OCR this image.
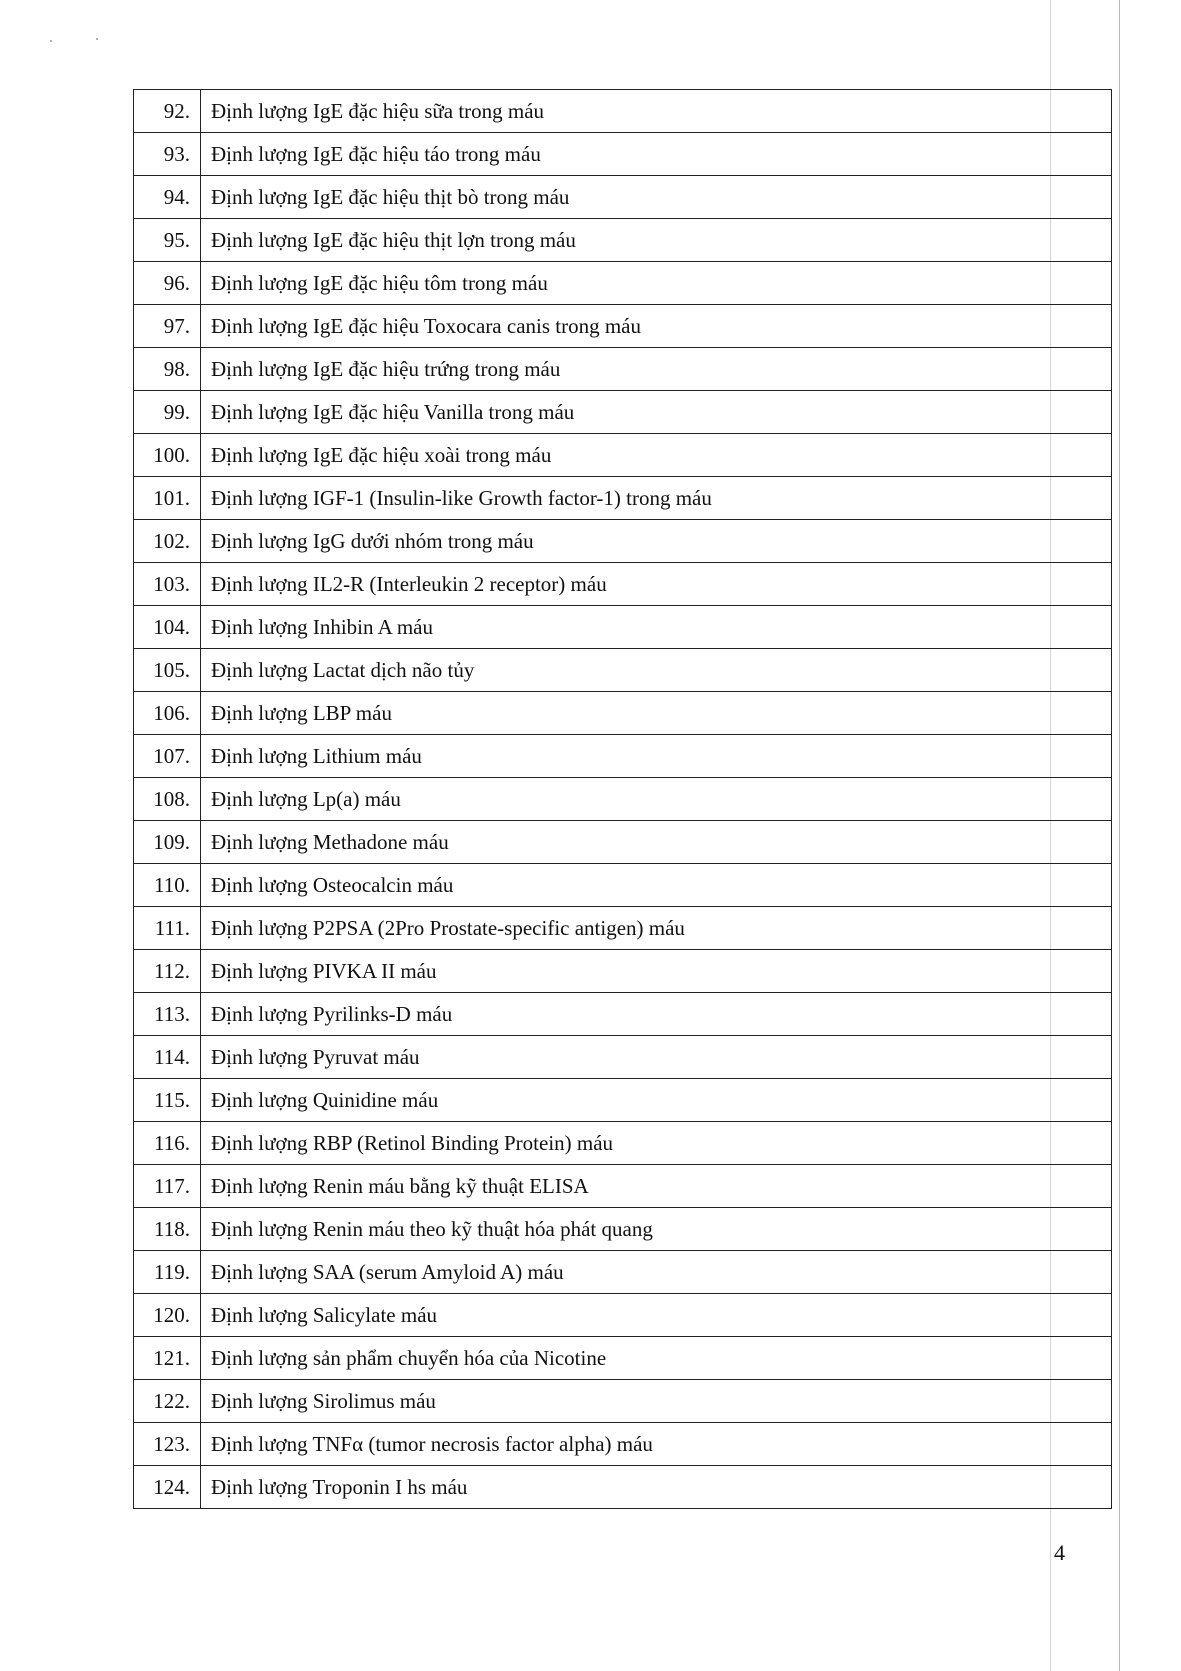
92.	Định lượng IgE đặc hiệu sữa trong máu
93.	Định lượng IgE đặc hiệu táo trong máu
94.	Định lượng IgE đặc hiệu thịt bò trong máu
95.	Định lượng IgE đặc hiệu thịt lợn trong máu
96.	Định lượng IgE đặc hiệu tôm trong máu
97.	Định lượng IgE đặc hiệu Toxocara canis trong máu
98.	Định lượng IgE đặc hiệu trứng trong máu
99.	Định lượng IgE đặc hiệu Vanilla trong máu
100.	Định lượng IgE đặc hiệu xoài trong máu
101.	Định lượng IGF-1 (Insulin-like Growth factor-1) trong máu
102.	Định lượng IgG dưới nhóm trong máu
103.	Định lượng IL2-R (Interleukin 2 receptor) máu
104.	Định lượng Inhibin A máu
105.	Định lượng Lactat dịch não tủy
106.	Định lượng LBP máu
107.	Định lượng Lithium máu
108.	Định lượng Lp(a) máu
109.	Định lượng Methadone máu
110.	Định lượng Osteocalcin máu
111.	Định lượng P2PSA (2Pro Prostate-specific antigen) máu
112.	Định lượng PIVKA II máu
113.	Định lượng Pyrilinks-D máu
114.	Định lượng Pyruvat máu
115.	Định lượng Quinidine máu
116.	Định lượng RBP (Retinol Binding Protein) máu
117.	Định lượng Renin máu bằng kỹ thuật ELISA
118.	Định lượng Renin máu theo kỹ thuật hóa phát quang
119.	Định lượng SAA (serum Amyloid A) máu
120.	Định lượng Salicylate máu
121.	Định lượng sản phẩm chuyển hóa của Nicotine
122.	Định lượng Sirolimus máu
123.	Định lượng TNFα (tumor necrosis factor alpha) máu
124.	Định lượng Troponin I hs máu
4
